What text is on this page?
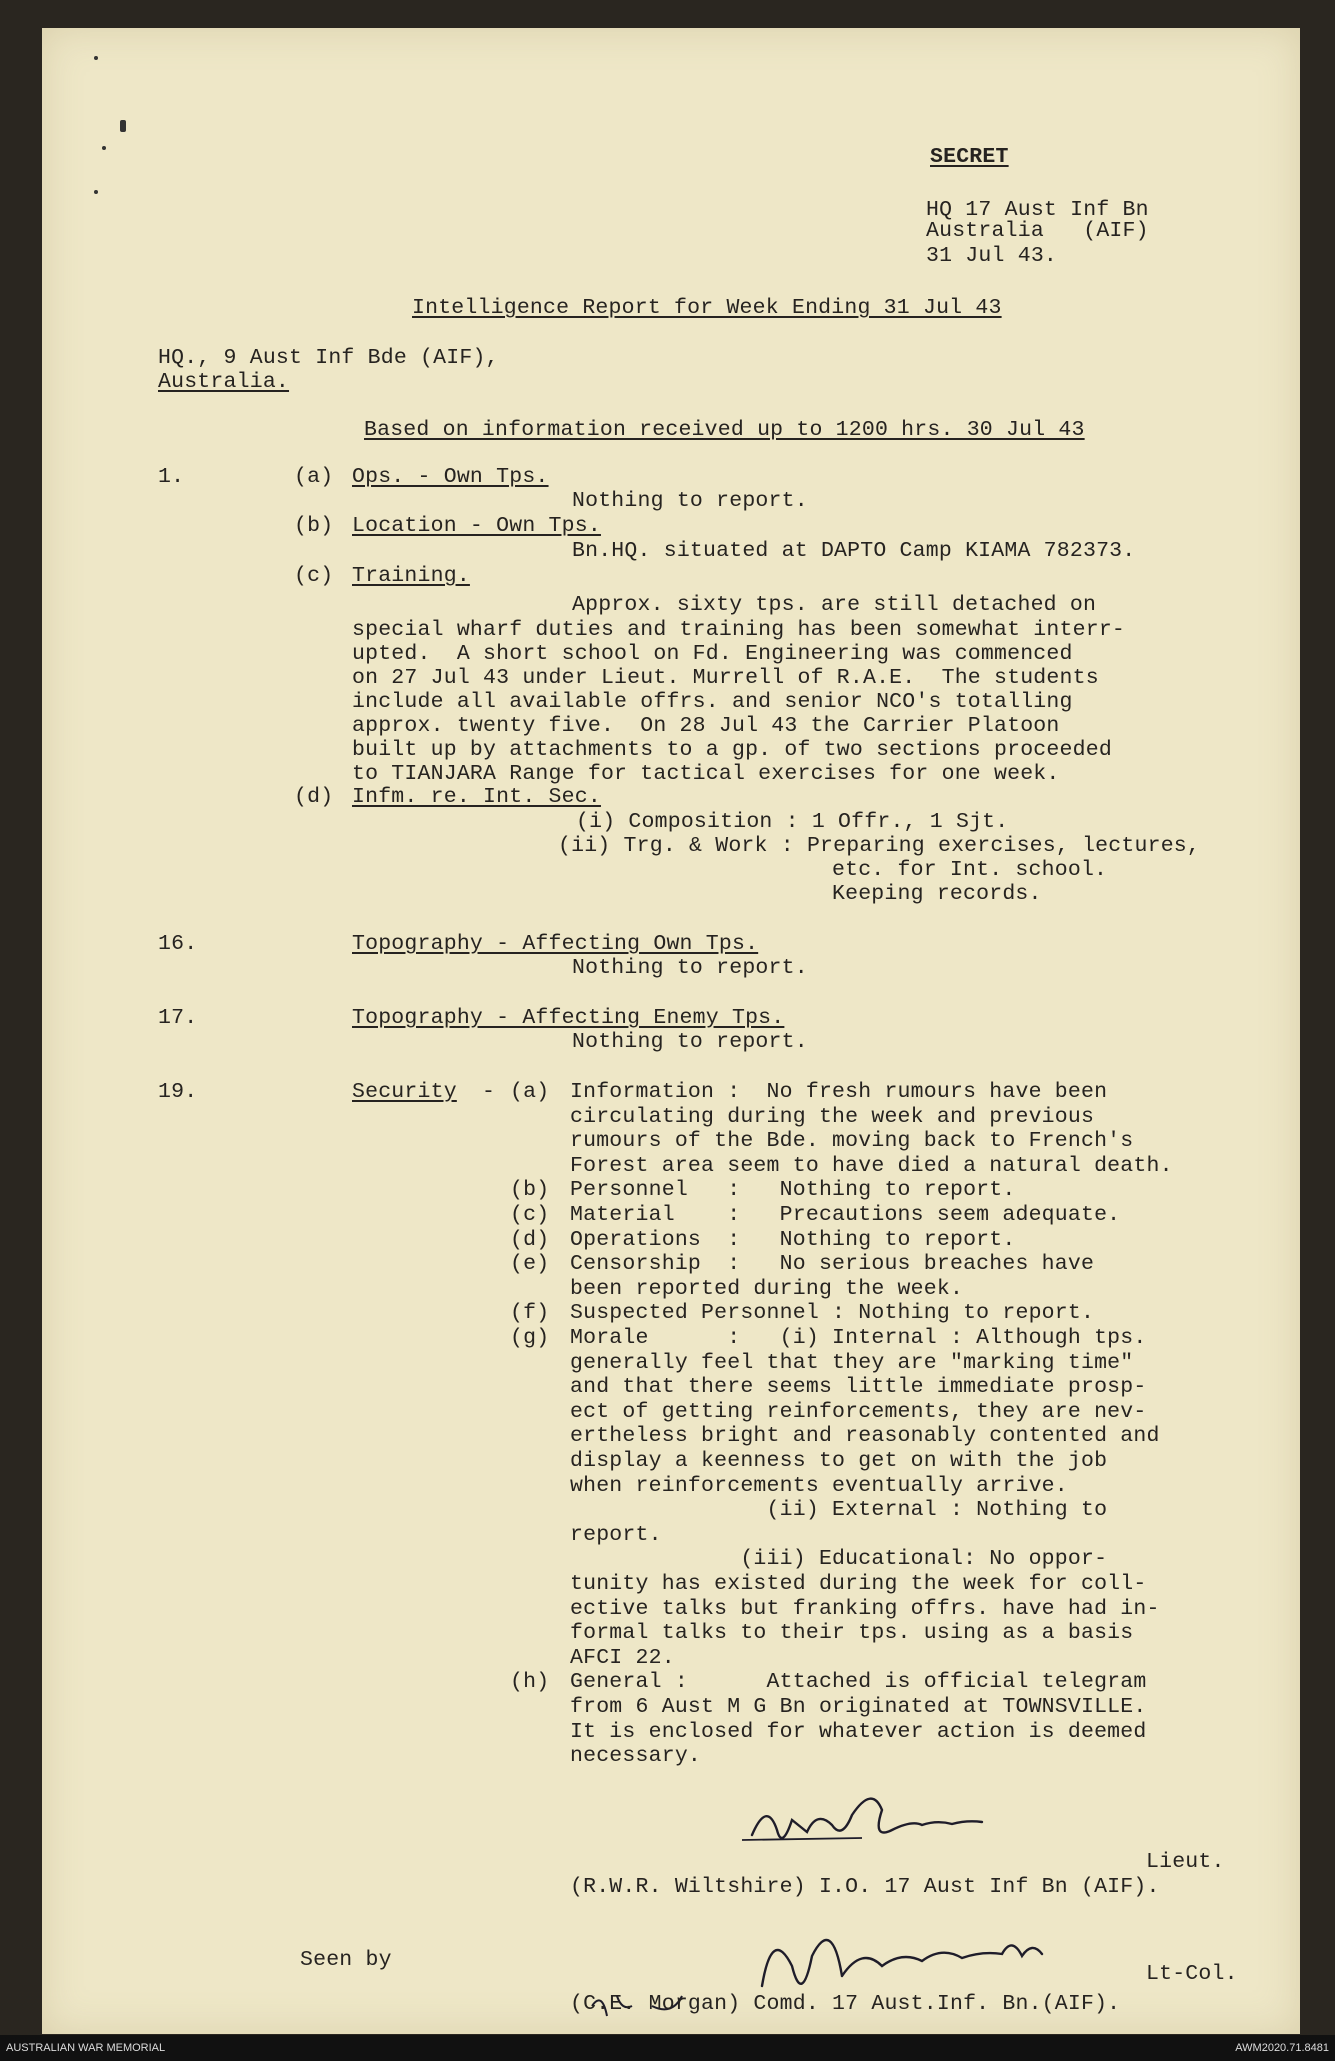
SECRET
HQ 17 Aust Inf Bn
Australia   (AIF)
31 Jul 43.
Intelligence Report for Week Ending 31 Jul 43
HQ., 9 Aust Inf Bde (AIF),
Australia.
Based on information received up to 1200 hrs. 30 Jul 43
1.	(a) Ops. - Own Tps.
Nothing to report.
(b) Location - Own Tps.
Bn.HQ. situated at DAPTO Camp KIAMA 782373.
(c) Training.
Approx. sixty tps. are still detached on
special wharf duties and training has been somewhat interr-
upted.  A short school on Fd. Engineering was commenced
on 27 Jul 43 under Lieut. Murrell of R.A.E.  The students
include all available offrs. and senior NCO's totalling
approx. twenty five.  On 28 Jul 43 the Carrier Platoon
built up by attachments to a gp. of two sections proceeded
to TIANJARA Range for tactical exercises for one week.
(d) Infm. re. Int. Sec.
(i) Composition : 1 Offr., 1 Sjt.
(ii) Trg. & Work : Preparing exercises, lectures,
etc. for Int. school.
Keeping records.
16.	Topography - Affecting Own Tps.
Nothing to report.
17.	Topography - Affecting Enemy Tps.
Nothing to report.
19.	Security - (a) Information :  No fresh rumours have been
circulating during the week and previous
rumours of the Bde. moving back to French's
Forest area seem to have died a natural death.
(b) Personnel   :   Nothing to report.
(c) Material    :   Precautions seem adequate.
(d) Operations  :   Nothing to report.
(e) Censorship  :   No serious breaches have
been reported during the week.
(f) Suspected Personnel : Nothing to report.
(g) Morale      :   (i) Internal : Although tps.
generally feel that they are "marking time"
and that there seems little immediate prosp-
ect of getting reinforcements, they are nev-
ertheless bright and reasonably contented and
display a keenness to get on with the job
when reinforcements eventually arrive.
(ii) External : Nothing to
report.
(iii) Educational: No oppor-
tunity has existed during the week for coll-
ective talks but franking offrs. have had in-
formal talks to their tps. using as a basis
AFCI 22.
(h) General :      Attached is official telegram
from 6 Aust M G Bn originated at TOWNSVILLE.
It is enclosed for whatever action is deemed
necessary.
Lieut.
(R.W.R. Wiltshire) I.O. 17 Aust Inf Bn (AIF).
Seen by
Lt-Col.
(C.E. Morgan) Comd. 17 Aust.Inf. Bn.(AIF).
AUSTRALIAN WAR MEMORIAL	AWM2020.71.8481
